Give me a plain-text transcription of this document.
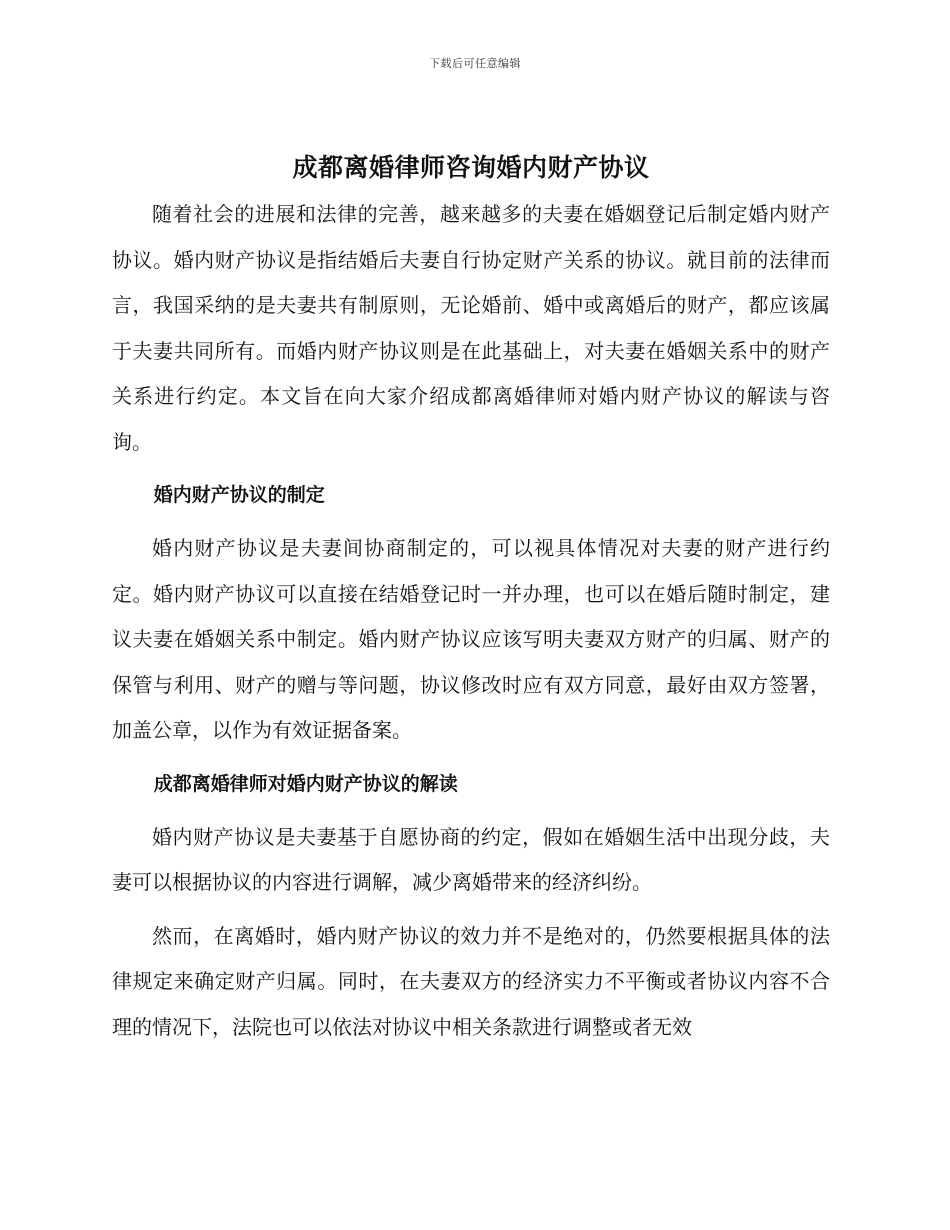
下载后可任意编辑
成都离婚律师咨询婚内财产协议

随着社会的进展和法律的完善，越来越多的夫妻在婚姻登记后制定婚内财产协议。婚内财产协议是指结婚后夫妻自行协定财产关系的协议。就目前的法律而言，我国采纳的是夫妻共有制原则，无论婚前、婚中或离婚后的财产，都应该属于夫妻共同所有。而婚内财产协议则是在此基础上，对夫妻在婚姻关系中的财产关系进行约定。本文旨在向大家介绍成都离婚律师对婚内财产协议的解读与咨询。

婚内财产协议的制定

婚内财产协议是夫妻间协商制定的，可以视具体情况对夫妻的财产进行约定。婚内财产协议可以直接在结婚登记时一并办理，也可以在婚后随时制定，建议夫妻在婚姻关系中制定。婚内财产协议应该写明夫妻双方财产的归属、财产的保管与利用、财产的赠与等问题，协议修改时应有双方同意，最好由双方签署，加盖公章，以作为有效证据备案。

成都离婚律师对婚内财产协议的解读

婚内财产协议是夫妻基于自愿协商的约定，假如在婚姻生活中出现分歧，夫妻可以根据协议的内容进行调解，减少离婚带来的经济纠纷。

然而，在离婚时，婚内财产协议的效力并不是绝对的，仍然要根据具体的法律规定来确定财产归属。同时，在夫妻双方的经济实力不平衡或者协议内容不合理的情况下，法院也可以依法对协议中相关条款进行调整或者无效
